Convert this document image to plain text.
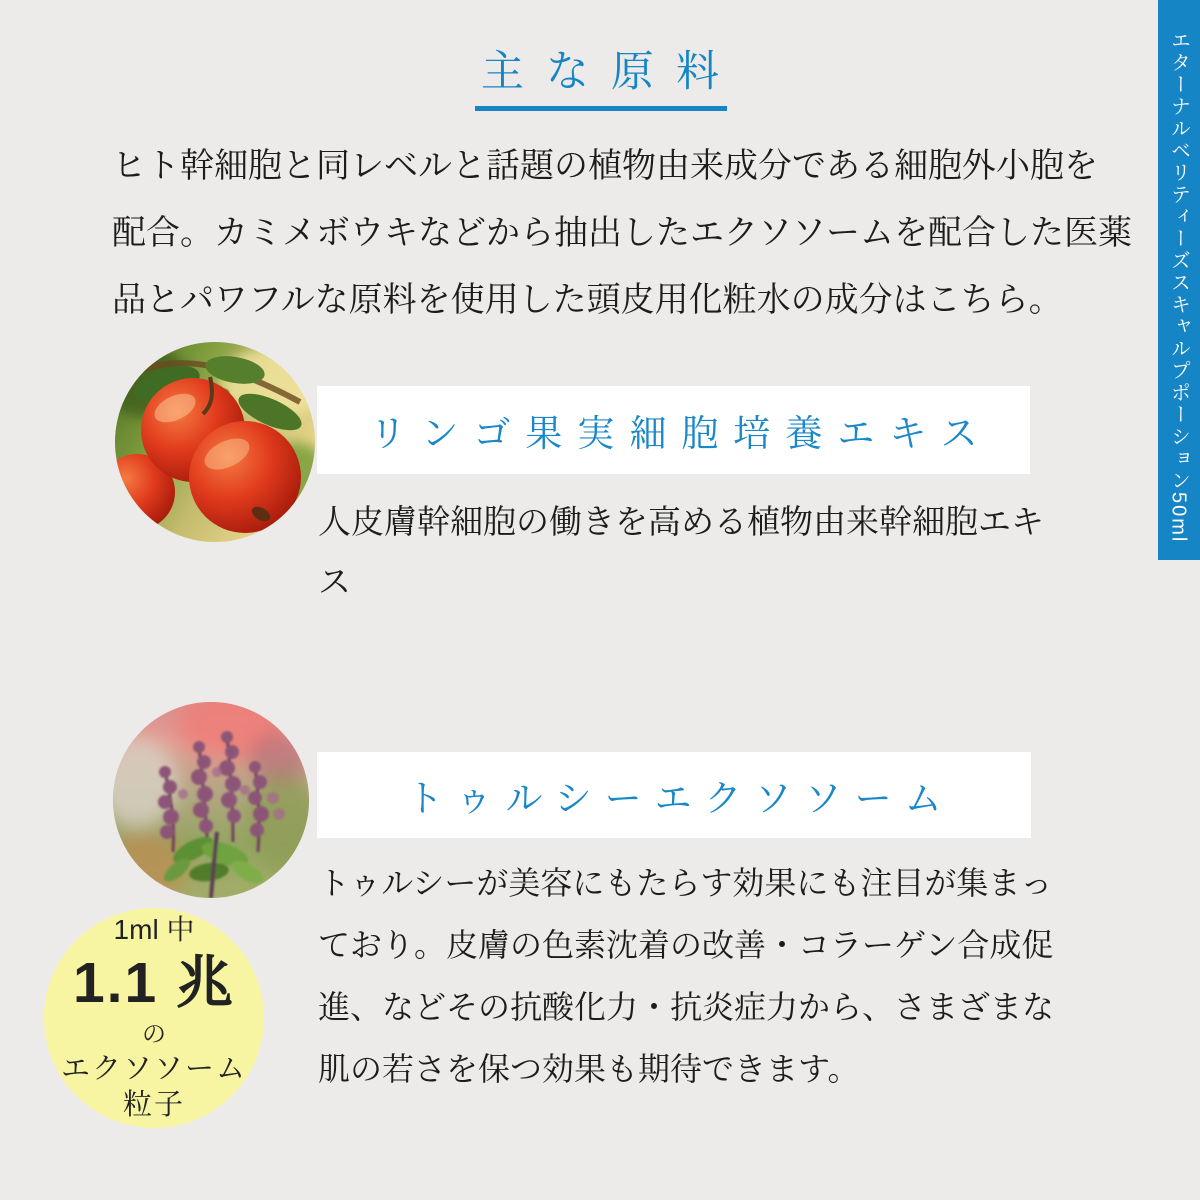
主な原料
ヒト幹細胞と同レベルと話題の植物由来成分である細胞外小胞を
配合。カミメボウキなどから抽出したエクソソームを配合した医薬
品とパワフルな原料を使用した頭皮用化粧水の成分はこちら。
リンゴ果実細胞培養エキス
人皮膚幹細胞の働きを高める植物由来幹細胞エキ
ス
トゥルシーエクソソーム
トゥルシーが美容にもたらす効果にも注目が集まっ
ており。皮膚の色素沈着の改善・コラーゲン合成促
進、などその抗酸化力・抗炎症力から、さまざまな
肌の若さを保つ効果も期待できます。
1ml 中
1.1 兆
の
エクソソーム
粒子
エターナルベリティーズスキャルプポーション50ml
